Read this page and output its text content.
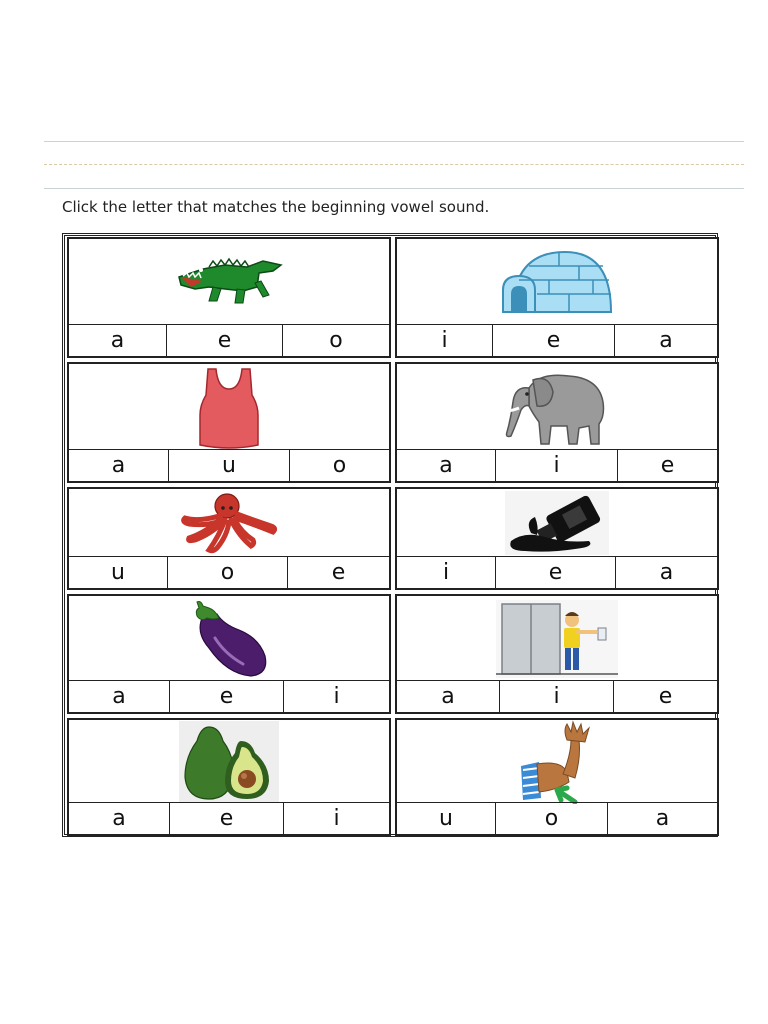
Click the letter that matches the beginning vowel sound.
a	e	o	i	e	a
a	u	o	a	i	e
u	o	e	i	e	a
a	e	i	a	i	e
a	e	i	u	o	a
